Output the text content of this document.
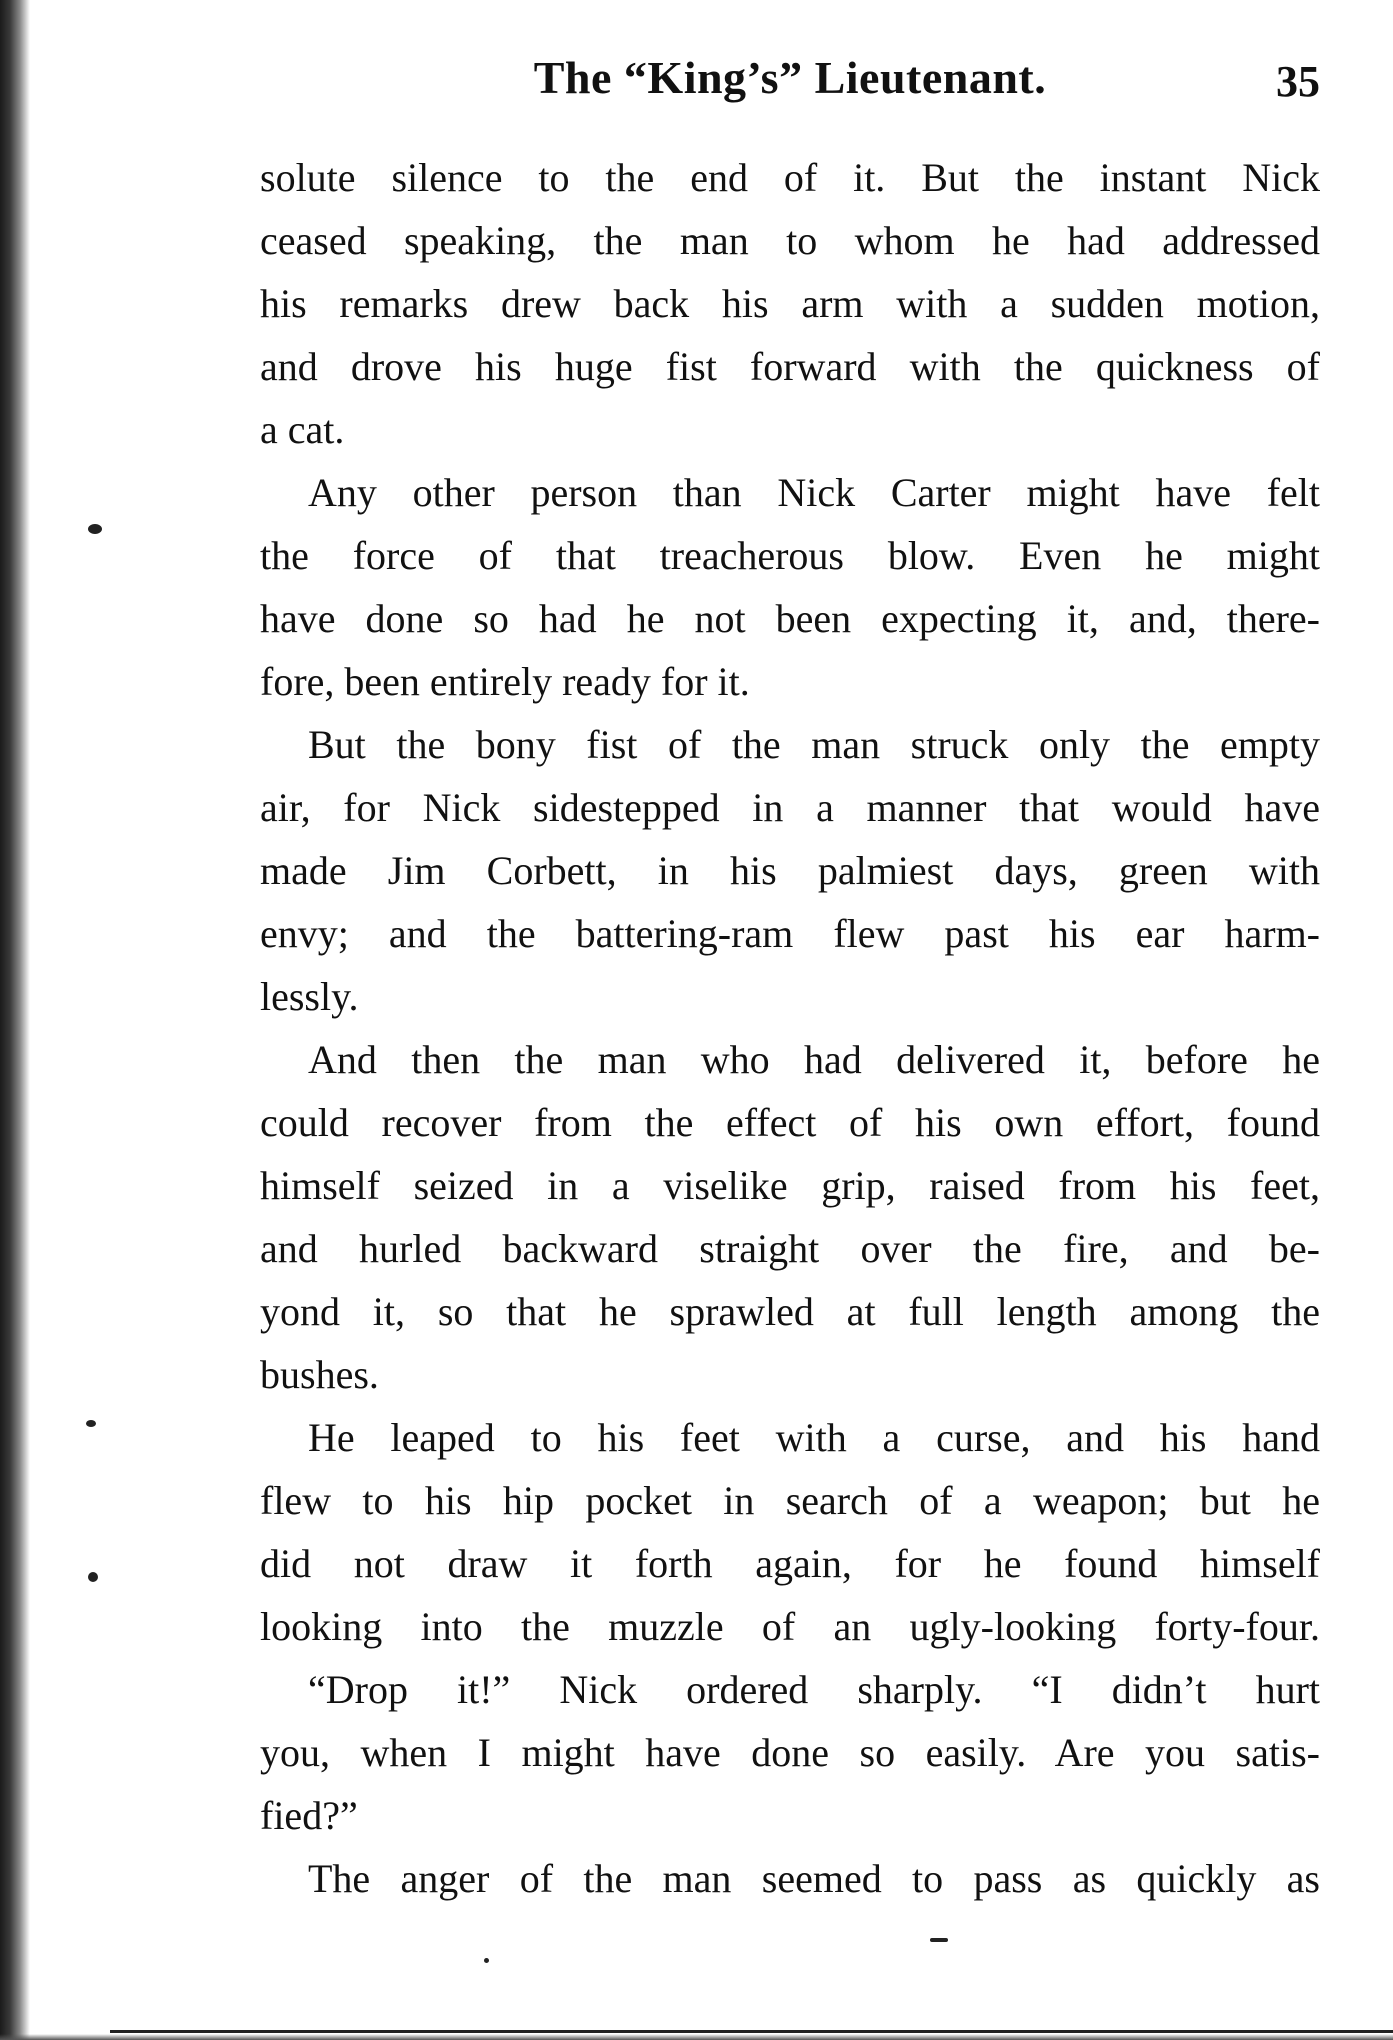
The “King’s” Lieutenant.	35
solute silence to the end of it. But the instant Nick
ceased speaking, the man to whom he had addressed
his remarks drew back his arm with a sudden motion,
and drove his huge fist forward with the quickness of
a cat.
Any other person than Nick Carter might have felt
the force of that treacherous blow. Even he might
have done so had he not been expecting it, and, there-
fore, been entirely ready for it.
But the bony fist of the man struck only the empty
air, for Nick sidestepped in a manner that would have
made Jim Corbett, in his palmiest days, green with
envy; and the battering-ram flew past his ear harm-
lessly.
And then the man who had delivered it, before he
could recover from the effect of his own effort, found
himself seized in a viselike grip, raised from his feet,
and hurled backward straight over the fire, and be-
yond it, so that he sprawled at full length among the
bushes.
He leaped to his feet with a curse, and his hand
flew to his hip pocket in search of a weapon; but he
did not draw it forth again, for he found himself
looking into the muzzle of an ugly-looking forty-four.
“Drop it!” Nick ordered sharply. “I didn’t hurt
you, when I might have done so easily. Are you satis-
fied?”
The anger of the man seemed to pass as quickly as
